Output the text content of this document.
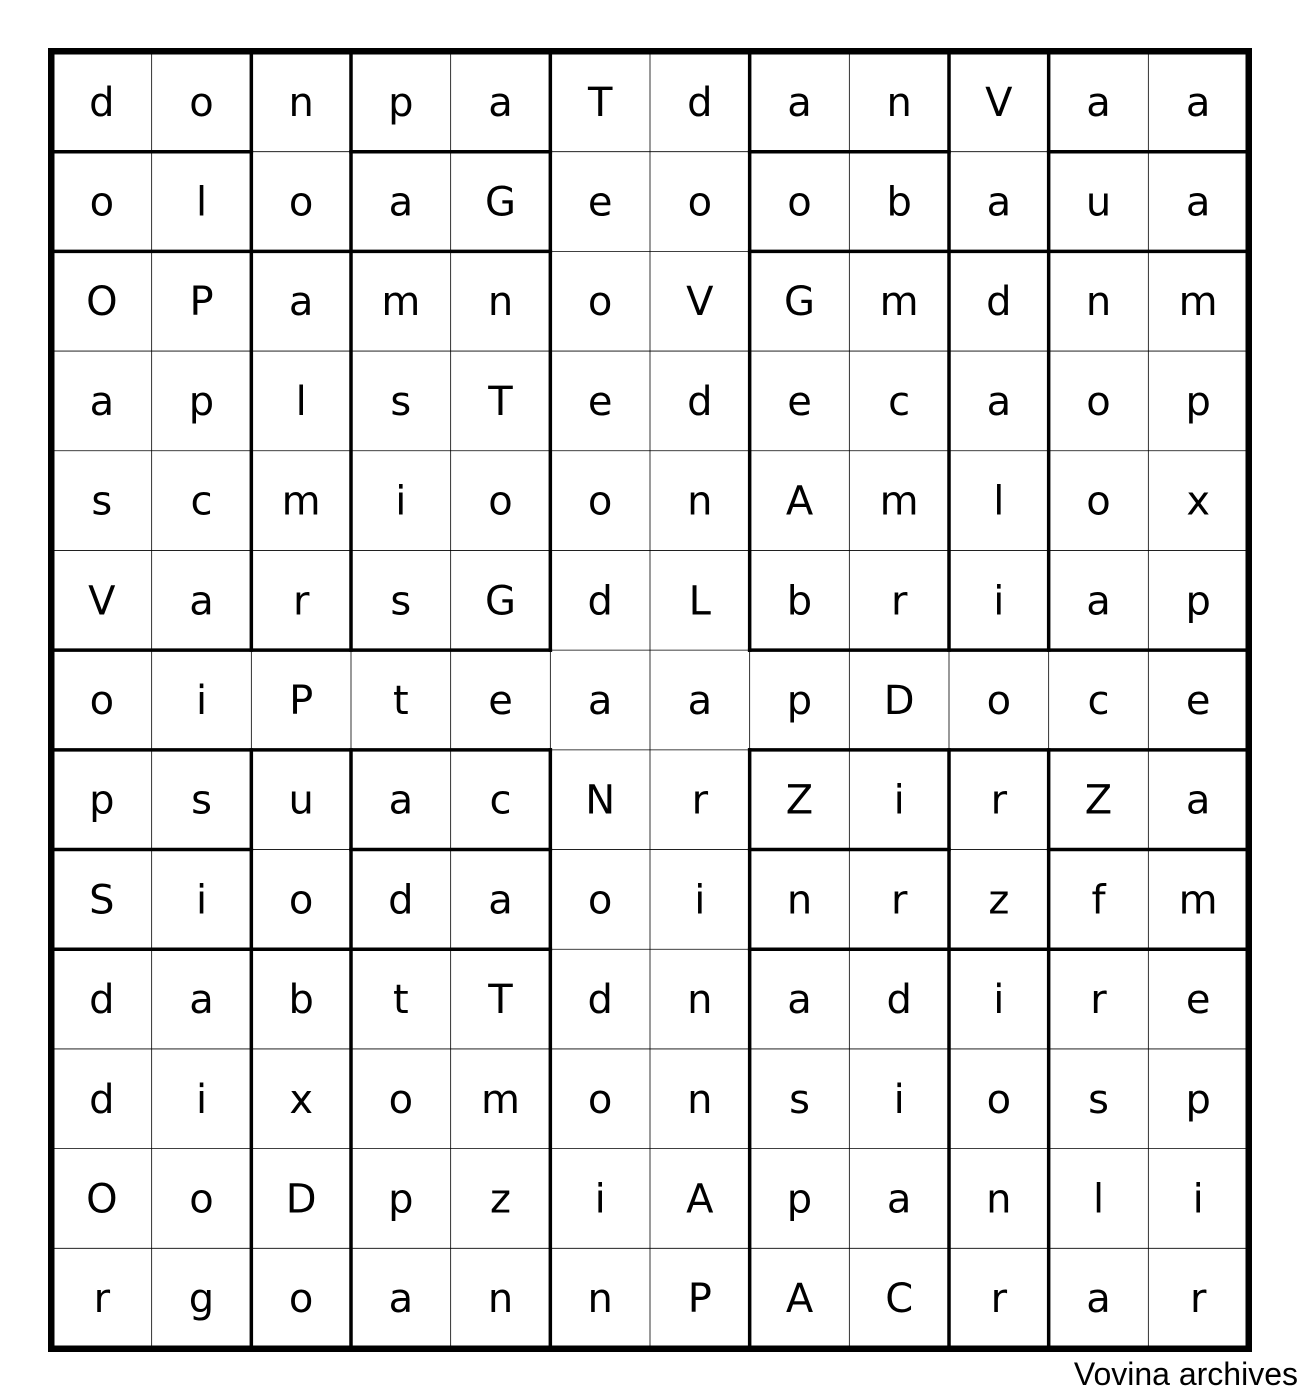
d o n p a T d a n V a a
o l o a G e o o b a u a
O P a m n o V G m d n m
a p l s T e d e c a o p
s c m i o o n A m l o x
V a r s G d L b r i a p
o i P t e a a p D o c e
p s u a c N r Z i r Z a
S i o d a o i n r z f m
d a b t T d n a d i r e
d i x o m o n s i o s p
O o D p z i A p a n l i
r g o a n n P A C r a r
Vovina archives
